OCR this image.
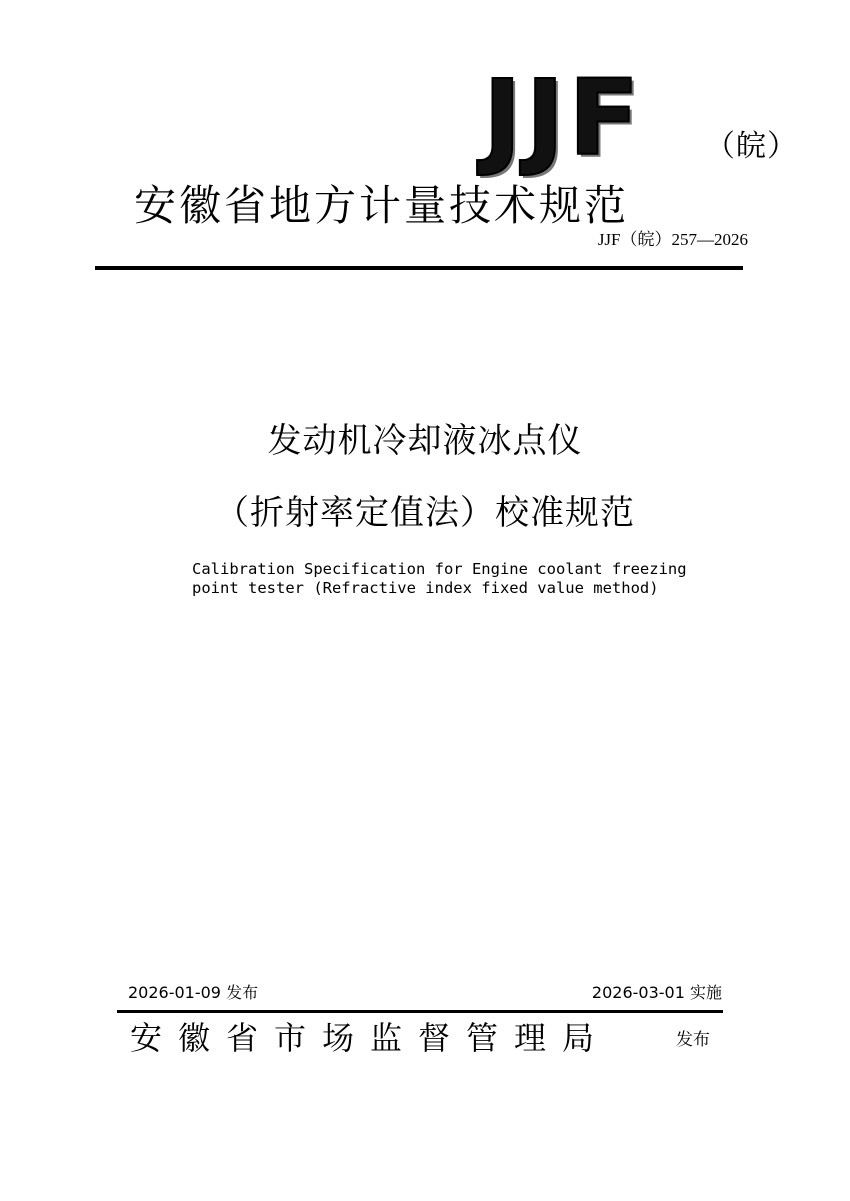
J J F （皖）
安徽省地方计量技术规范
JJF（皖）257—2026
发动机冷却液冰点仪
（折射率定值法）校准规范
Calibration Specification for Engine coolant freezing
point tester (Refractive index fixed value method)
2026-01-09 发布	2026-03-01 实施
安徽省市场监督管理局	发布
